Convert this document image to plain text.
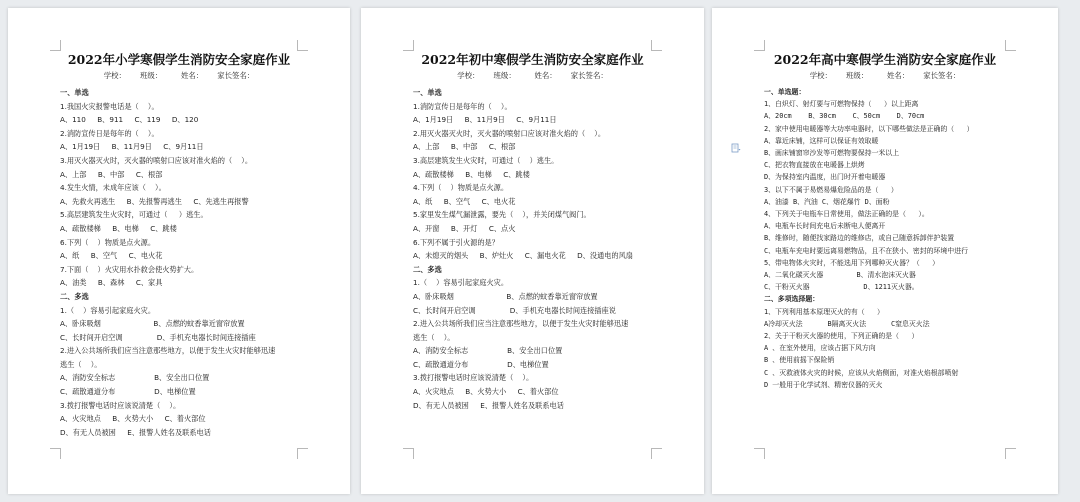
2022年小学寒假学生消防安全家庭作业
学校：      班级：        姓名：      家长签名：
一、单选
1.我国火灾报警电话是（    ）。
A、110     B、911     C、119     D、120
2.消防宣传日是每年的（    ）。
A、1月19日     B、11月9日     C、9月11日
3.用灭火器灭火时，灭火器的喷射口应该对准火焰的（    ）。
A、上部     B、中部     C、根部
4.发生火情，未成年应该（    ）。
A、先救火再逃生     B、先报警再逃生     C、先逃生再报警
5.高层建筑发生火灾时，可通过（     ）逃生。
A、疏散楼梯     B、电梯     C、跳楼
6.下列（    ）物质是点火源。
A、纸     B、空气     C、电火花
7.下面（    ）火灾用水扑救会使火势扩大。
A、油类     B、森林     C、家具
二、多选
1.（    ）容易引起家庭火灾。
A、卧床吸烟                       B、点燃的蚊香靠近窗帘放置
C、长时间开启空调               D、手机充电器长时间连接插座
2.进入公共场所我们应当注意那些地方，以便于发生火灾时能够迅速
逃生（    ）。
A、消防安全标志                 B、安全出口位置
C、疏散通道分布                 D、电梯位置
3.拨打报警电话时应该说清楚（    ）。
A、火灾地点     B、火势大小     C、着火部位
D、有无人员被困     E、报警人姓名及联系电话
2022年初中寒假学生消防安全家庭作业
学校：      班级：        姓名：      家长签名：
一、单选
1.消防宣传日是每年的（    ）。
A、1月19日     B、11月9日     C、9月11日
2.用灭火器灭火时，灭火器的喷射口应该对准火焰的（    ）。
A、上部     B、中部     C、根部
3.高层建筑发生火灾时，可通过（    ）逃生。
A、疏散楼梯     B、电梯     C、跳楼
4.下列（    ）物质是点火源。
A、纸     B、空气     C、电火花
5.家里发生煤气漏泄露，要先（    ），并关闭煤气阀门。
A、开窗     B、开灯     C、点火
6.下列不属于引火源的是？
A、未熄灭的烟头     B、炉灶火     C、漏电火花     D、没通电的风扇
二、多选
1.（    ）容易引起家庭火灾。
A、卧床吸烟                       B、点燃的蚊香靠近窗帘放置
C、长时间开启空调               D、手机充电器长时间连接插座说
2.进入公共场所我们应当注意那些地方，以便于发生火灾时能够迅速
逃生（    ）。
A、消防安全标志                 B、安全出口位置
C、疏散通道分布                 D、电梯位置
3.拨打报警电话时应该说清楚（    ）。
A、火灾地点     B、火势大小     C、着火部位
D、有无人员被困     E、报警人姓名及联系电话
2022年高中寒假学生消防安全家庭作业
学校：      班级：        姓名：      家长签名：
一、单选题：
1、白炽灯、射灯要与可燃物保持（   ）以上距离
A、20cm    B、30cm    C、50cm    D、70cm
2、家中使用电暖器等大功率电器时，以下哪些做法是正确的（   ）
A、靠近床铺，这样可以保证有效取暖
B、画床铺窗帘沙发等可燃物要保持一米以上
C、把衣物直接放在电暖器上烘烤
D、为保持室内温度，出门时开着电暖器
3、以下不属于易燃易爆危险品的是（   ）
A、油漆 B、汽油 C、烟花爆竹 D、面粉
4、下列关于电瓶车日常使用，做法正确的是（   ）。
A、电瓶车长时间充电后未断电人便离开
B、维修时，随便找家路边的维修店，或自己随意拆卸伴护装置
C、电瓶车充电时要远离易燃物品，且不在狭小、密封的环境中进行
5、带电物体火灾时，不能选用下列哪种灭火器？（   ）
A、二氧化碳灭火器        B、清水泡沫灭火器
C、干粉灭火器             D、1211灭火器。
二、多项选择题：
1、下列利用基本原理灭火的有（   ）
A冷却灭火法      B隔离灭火法      C窒息灭火法
2、关于干粉灭火器的使用，下列正确的是（   ）
A 、在室外使用，应该占据下风方向
B 、使用前摇下保险销
C 、灭救液体火灾的时候，应该从火焰侧面，对准火焰根部喷射
D 一般用于化学试剂、精密仪器的灭火
